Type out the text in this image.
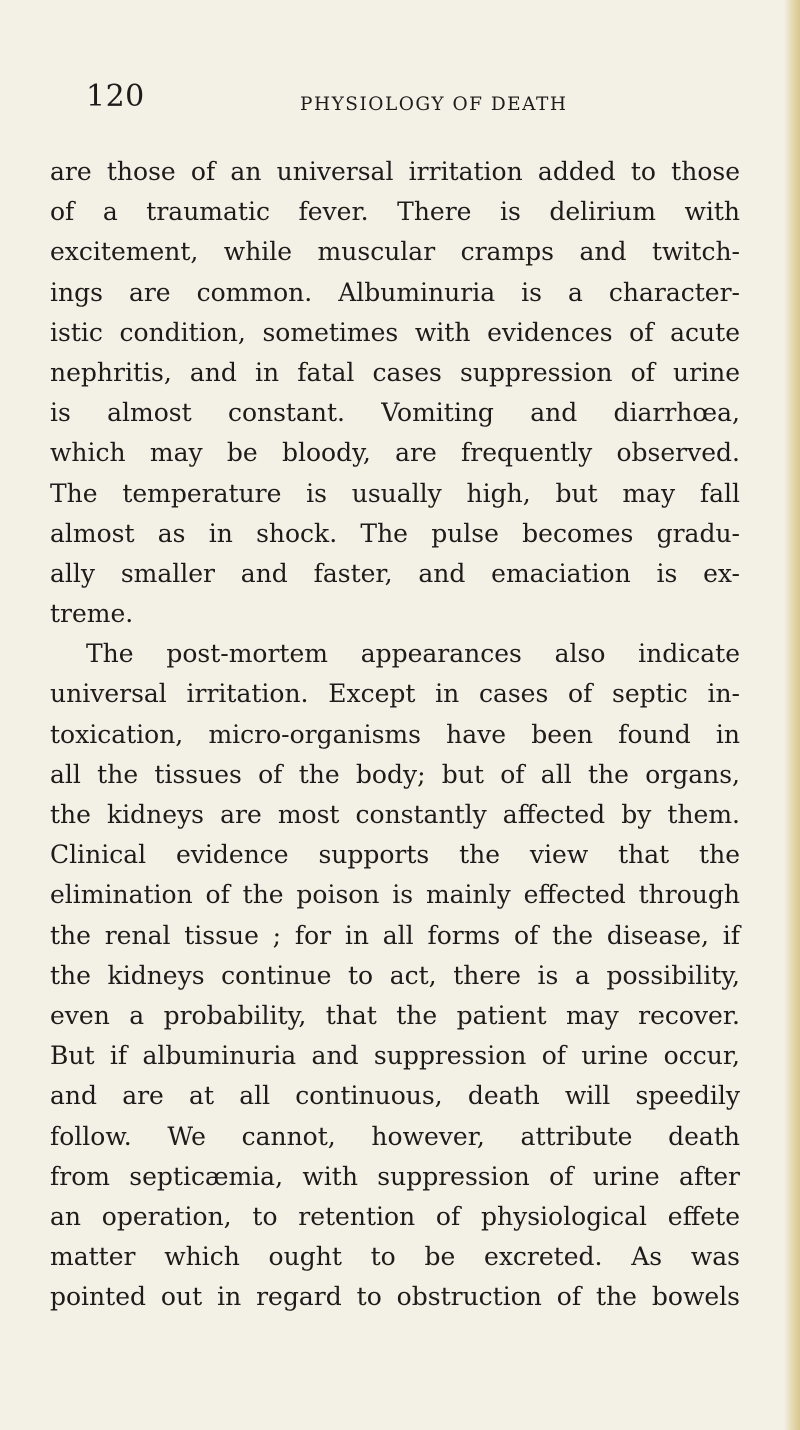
120	PHYSIOLOGY OF DEATH
are those of an universal irritation added to those
of a traumatic fever. There is delirium with
excitement, while muscular cramps and twitch-
ings are common. Albuminuria is a character-
istic condition, sometimes with evidences of acute
nephritis, and in fatal cases suppression of urine
is almost constant. Vomiting and diarrhœa,
which may be bloody, are frequently observed.
The temperature is usually high, but may fall
almost as in shock. The pulse becomes gradu-
ally smaller and faster, and emaciation is ex-
treme.
The post-mortem appearances also indicate
universal irritation. Except in cases of septic in-
toxication, micro-organisms have been found in
all the tissues of the body; but of all the organs,
the kidneys are most constantly affected by them.
Clinical evidence supports the view that the
elimination of the poison is mainly effected through
the renal tissue ; for in all forms of the disease, if
the kidneys continue to act, there is a possibility,
even a probability, that the patient may recover.
But if albuminuria and suppression of urine occur,
and are at all continuous, death will speedily
follow. We cannot, however, attribute death
from septicæmia, with suppression of urine after
an operation, to retention of physiological effete
matter which ought to be excreted. As was
pointed out in regard to obstruction of the bowels
